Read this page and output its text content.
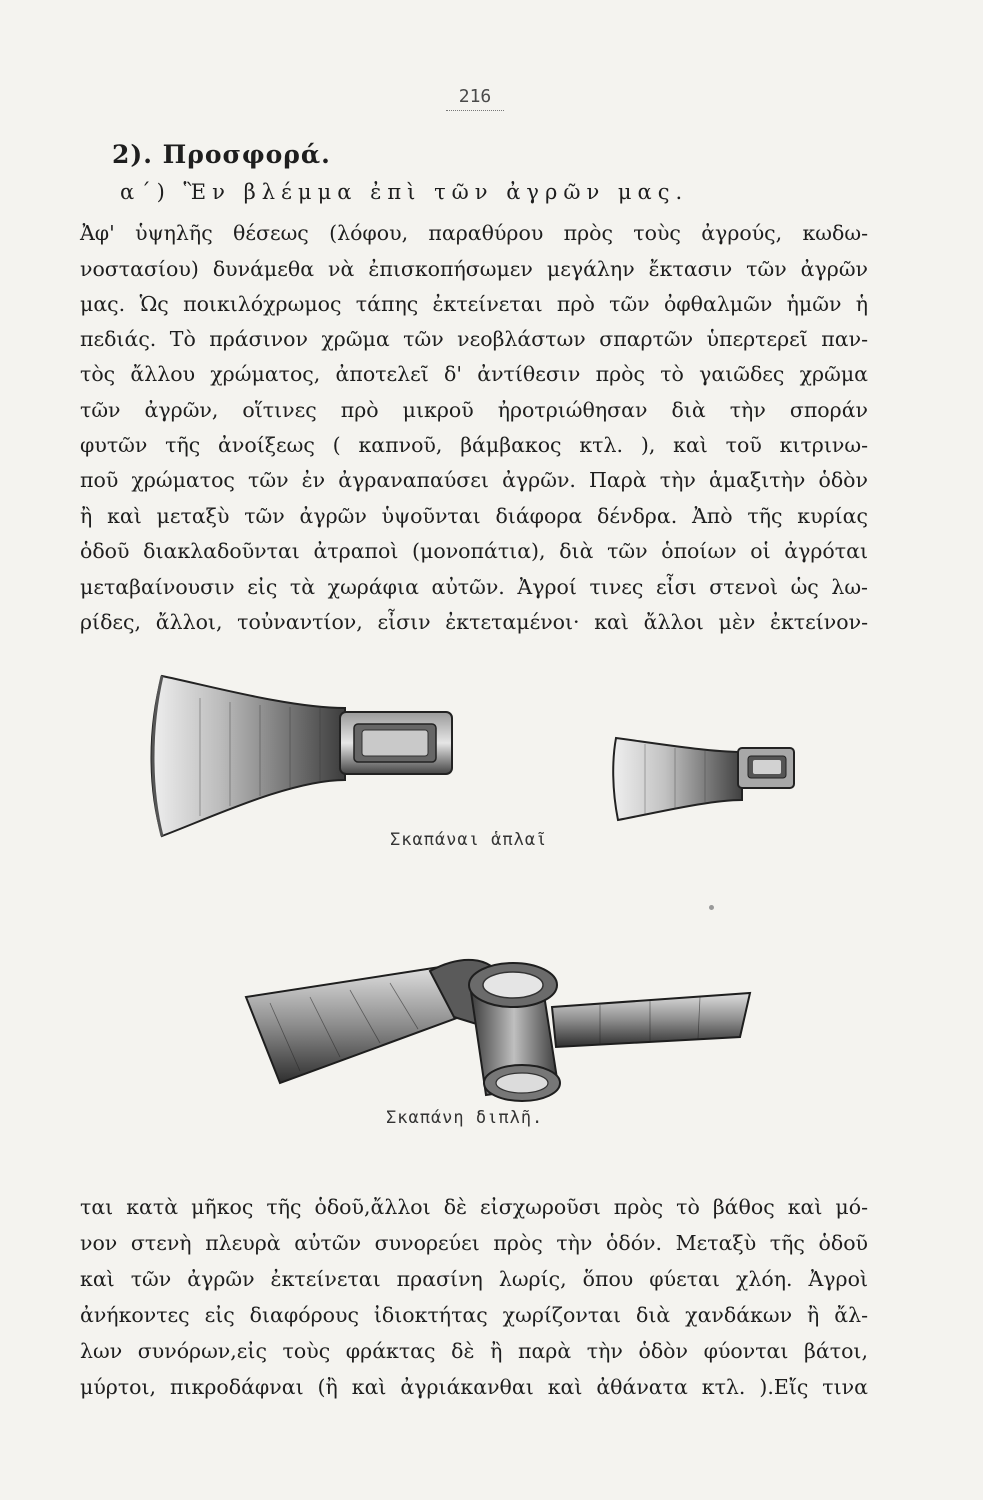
216
2). Προσφορά.
α΄) Ἓν βλέμμα ἐπὶ τῶν ἀγρῶν μας.
Ἀφ' ὑψηλῆς θέσεως (λόφου, παραθύρου πρὸς τοὺς ἀγρούς, κωδω-
νοστασίου) δυνάμεθα νὰ ἐπισκοπήσωμεν μεγάλην ἔκτασιν τῶν ἀγρῶν
μας. Ὡς ποικιλόχρωμος τάπης ἐκτείνεται πρὸ τῶν ὀφθαλμῶν ἡμῶν ἡ
πεδιάς. Τὸ πράσινον χρῶμα τῶν νεοβλάστων σπαρτῶν ὑπερτερεῖ παν-
τὸς ἄλλου χρώματος, ἀποτελεῖ δ' ἀντίθεσιν πρὸς τὸ γαιῶδες χρῶμα
τῶν ἀγρῶν, οἵτινες πρὸ μικροῦ ἠροτριώθησαν διὰ τὴν σποράν
φυτῶν τῆς ἀνοίξεως ( καπνοῦ, βάμβακος κτλ. ), καὶ τοῦ κιτρινω-
ποῦ χρώματος τῶν ἐν ἀγραναπαύσει ἀγρῶν. Παρὰ τὴν ἁμαξιτὴν ὁδὸν
ἢ καὶ μεταξὺ τῶν ἀγρῶν ὑψοῦνται διάφορα δένδρα. Ἀπὸ τῆς κυρίας
ὁδοῦ διακλαδοῦνται ἀτραποὶ (μονοπάτια), διὰ τῶν ὁποίων οἱ ἀγρόται
μεταβαίνουσιν εἰς τὰ χωράφια αὐτῶν. Ἀγροί τινες εἶσι στενοὶ ὡς λω-
ρίδες, ἄλλοι, τοὐναντίον, εἶσιν ἐκτεταμένοι· καὶ ἄλλοι μὲν ἐκτείνον-
Σκαπάναι ἁπλαῖ
Σκαπάνη διπλῆ.
ται κατὰ μῆκος τῆς ὁδοῦ,ἄλλοι δὲ εἰσχωροῦσι πρὸς τὸ βάθος καὶ μό-
νον στενὴ πλευρὰ αὐτῶν συνορεύει πρὸς τὴν ὁδόν. Μεταξὺ τῆς ὁδοῦ
καὶ τῶν ἀγρῶν ἐκτείνεται πρασίνη λωρίς, ὅπου φύεται χλόη. Ἀγροὶ
ἀνήκοντες εἰς διαφόρους ἰδιοκτήτας χωρίζονται διὰ χανδάκων ἢ ἄλ-
λων συνόρων,εἰς τοὺς φράκτας δὲ ἢ παρὰ τὴν ὁδὸν φύονται βάτοι,
μύρτοι, πικροδάφναι (ἢ καὶ ἀγριάκανθαι καὶ ἀθάνατα κτλ. ).Εἴς τινα
